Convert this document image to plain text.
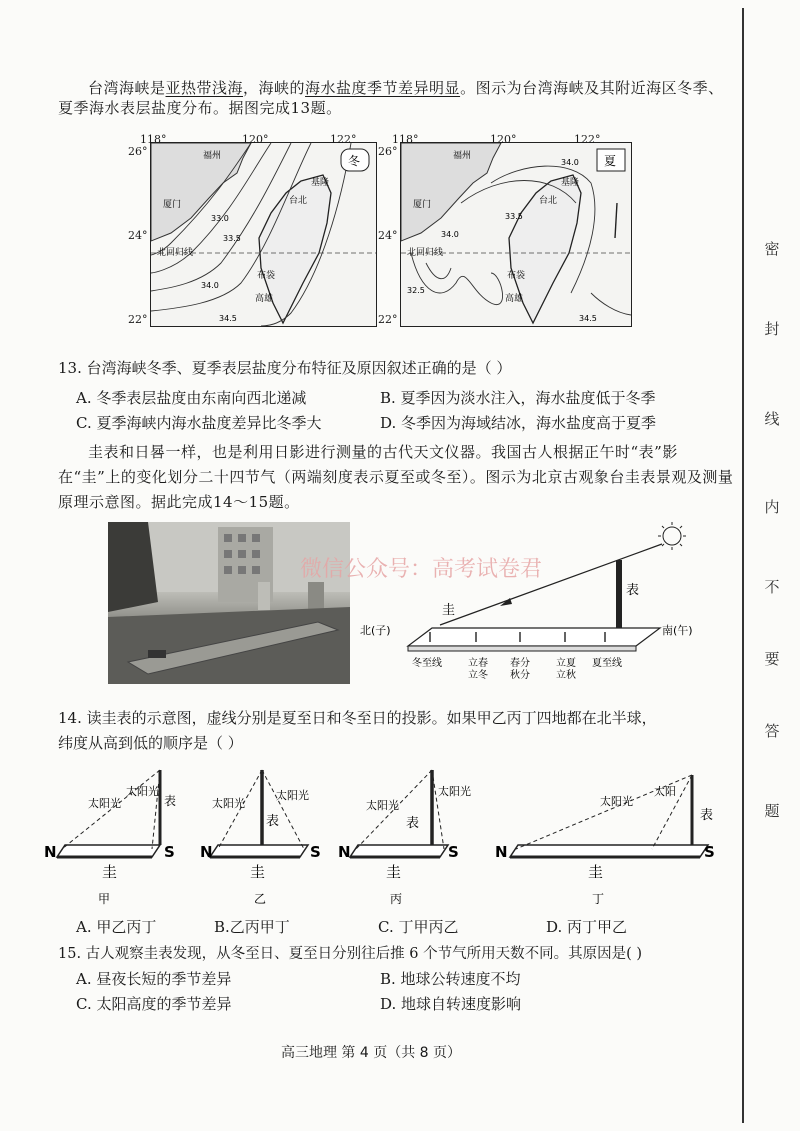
台湾海峡是亚热带浅海，海峡的海水盐度季节差异明显。图示为台湾海峡及其附近海区冬季、夏季海水表层盐度分布。据图完成13题。
北回归线
福州
厦门
基隆
台北
布袋
高雄
33.0
33.5
34.0
34.5
冬
118°	120°	122°
26°
24°
22°
北回归线
福州
厦门
基隆
台北
布袋
高雄
34.0
33.5
34.0
32.5
34.5
夏
118°	120°	122°
26°
24°
22°
13. 台湾海峡冬季、夏季表层盐度分布特征及原因叙述正确的是（ ）
A. 冬季表层盐度由东南向西北递减	B. 夏季因为淡水注入，海水盐度低于冬季
C. 夏季海峡内海水盐度差异比冬季大	D. 冬季因为海域结冰，海水盐度高于夏季
圭表和日晷一样，也是利用日影进行测量的古代天文仪器。我国古人根据正午时“表”影在“圭”上的变化划分二十四节气（两端刻度表示夏至或冬至）。图示为北京古观象台圭表景观及测量原理示意图。据此完成14～15题。
微信公众号：高考试卷君
表
圭
北(子)	南(午)
冬至线	立春立冬
春分秋分
立夏立秋
夏至线
14. 读圭表的示意图，虚线分别是夏至日和冬至日的投影。如果甲乙丙丁四地都在北半球，
纬度从高到低的顺序是（ ）
N	S
圭
甲
太阳光
太阳光
表
N	S
圭
乙
太阳光
太阳光
表
N	S
圭
丙
太阳光
太阳光
表
N	S
圭
丁
太阳光
太阳
表
A. 甲乙丙丁	B.乙丙甲丁	C. 丁甲丙乙	D. 丙丁甲乙
15. 古人观察圭表发现，从冬至日、夏至日分别往后推 6 个节气所用天数不同。其原因是( )
A. 昼夜长短的季节差异	B. 地球公转速度不均
C. 太阳高度的季节差异	D. 地球自转速度影响
高三地理 第 4 页（共 8 页）
密
封
线
内
不
要
答
题
